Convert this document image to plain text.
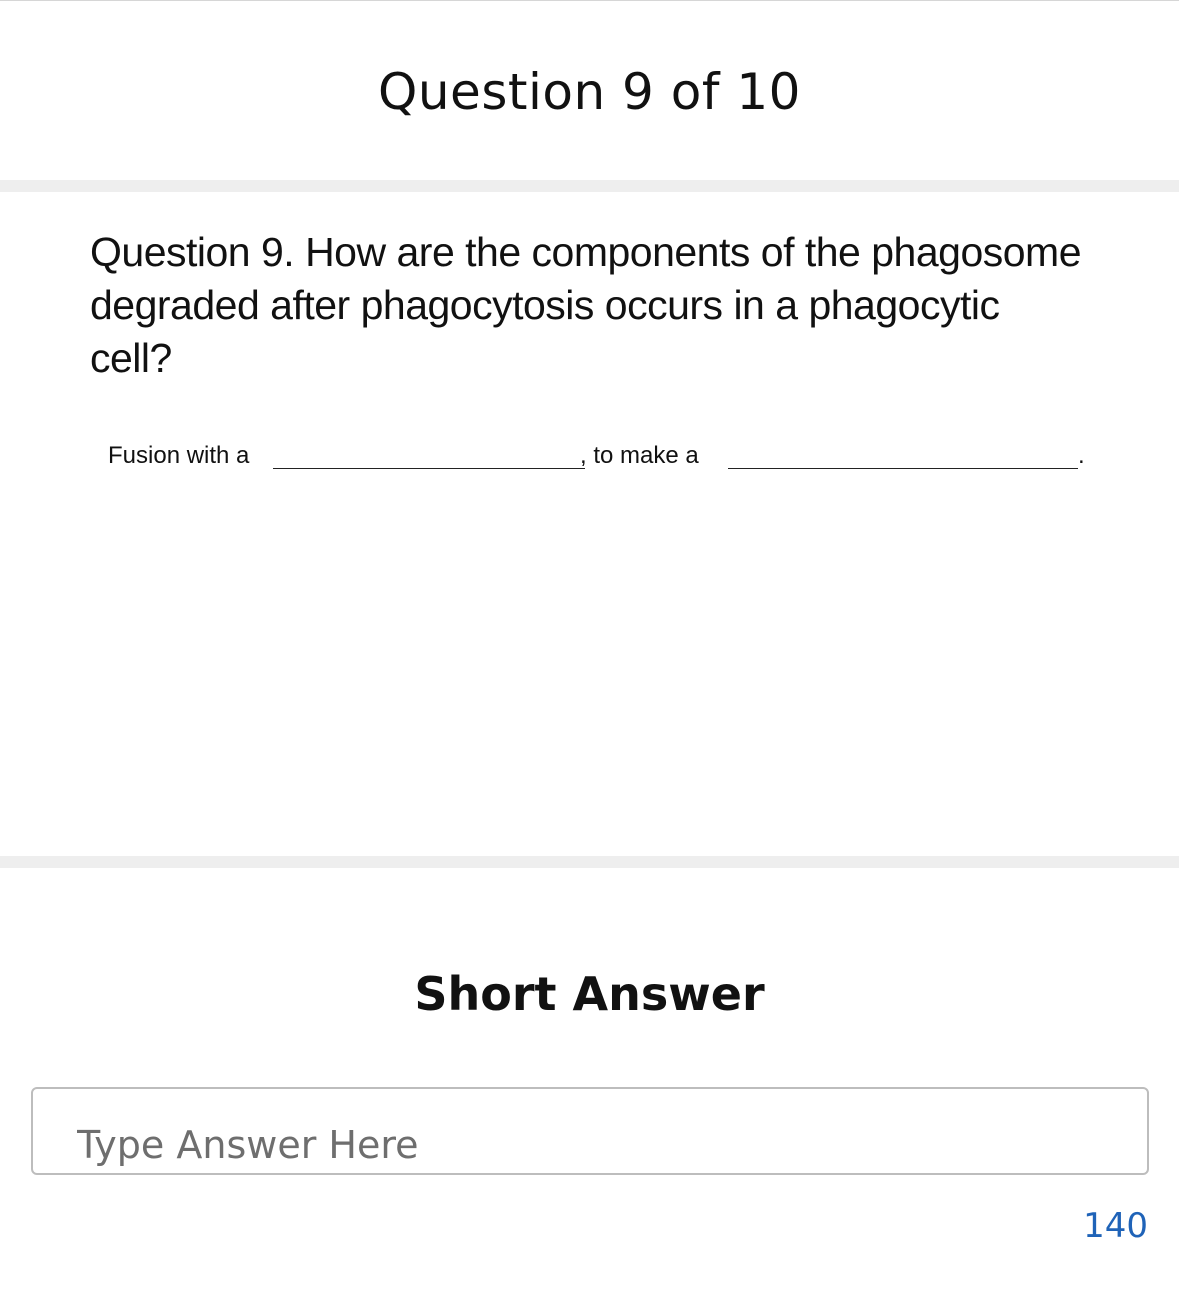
Question 9 of 10
Question 9. How are the components of the phagosome degraded after phagocytosis occurs in a phagocytic cell?
Fusion with a	, to make a	.
Short Answer
Type Answer Here
140
